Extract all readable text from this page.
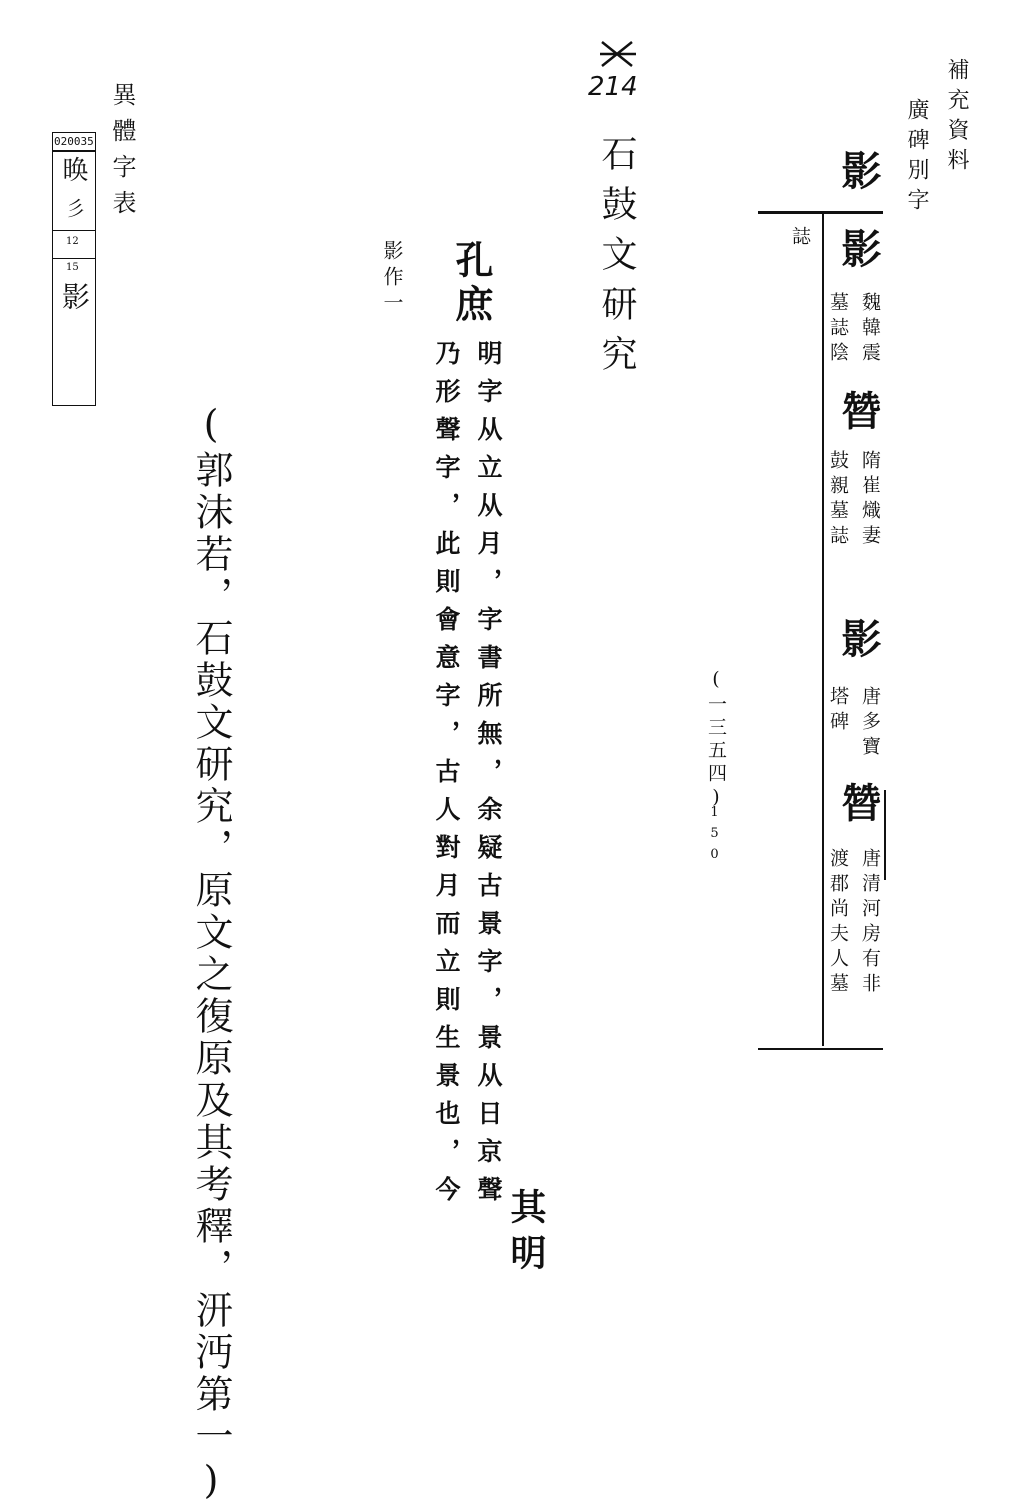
補充資料
廣碑別字
影
誌 影
魏韓震
墓誌陰
㬱
隋崔熾妻
鼓親墓誌
影
唐多寶
塔碑
㬱
唐清河房有非
渡郡尚夫人墓
(一三五四)
150
214
石鼓文研究
孔庶
影作一
明字从立从月，字書所無，余疑古景字，景从日京聲
乃形聲字，此則會意字，古人對月而立則生景也，今
其明
異體字表
020035
㬇
彡
12
15
影
(郭沫若，石鼓文研究，原文之復原及其考釋，汧沔第一)
